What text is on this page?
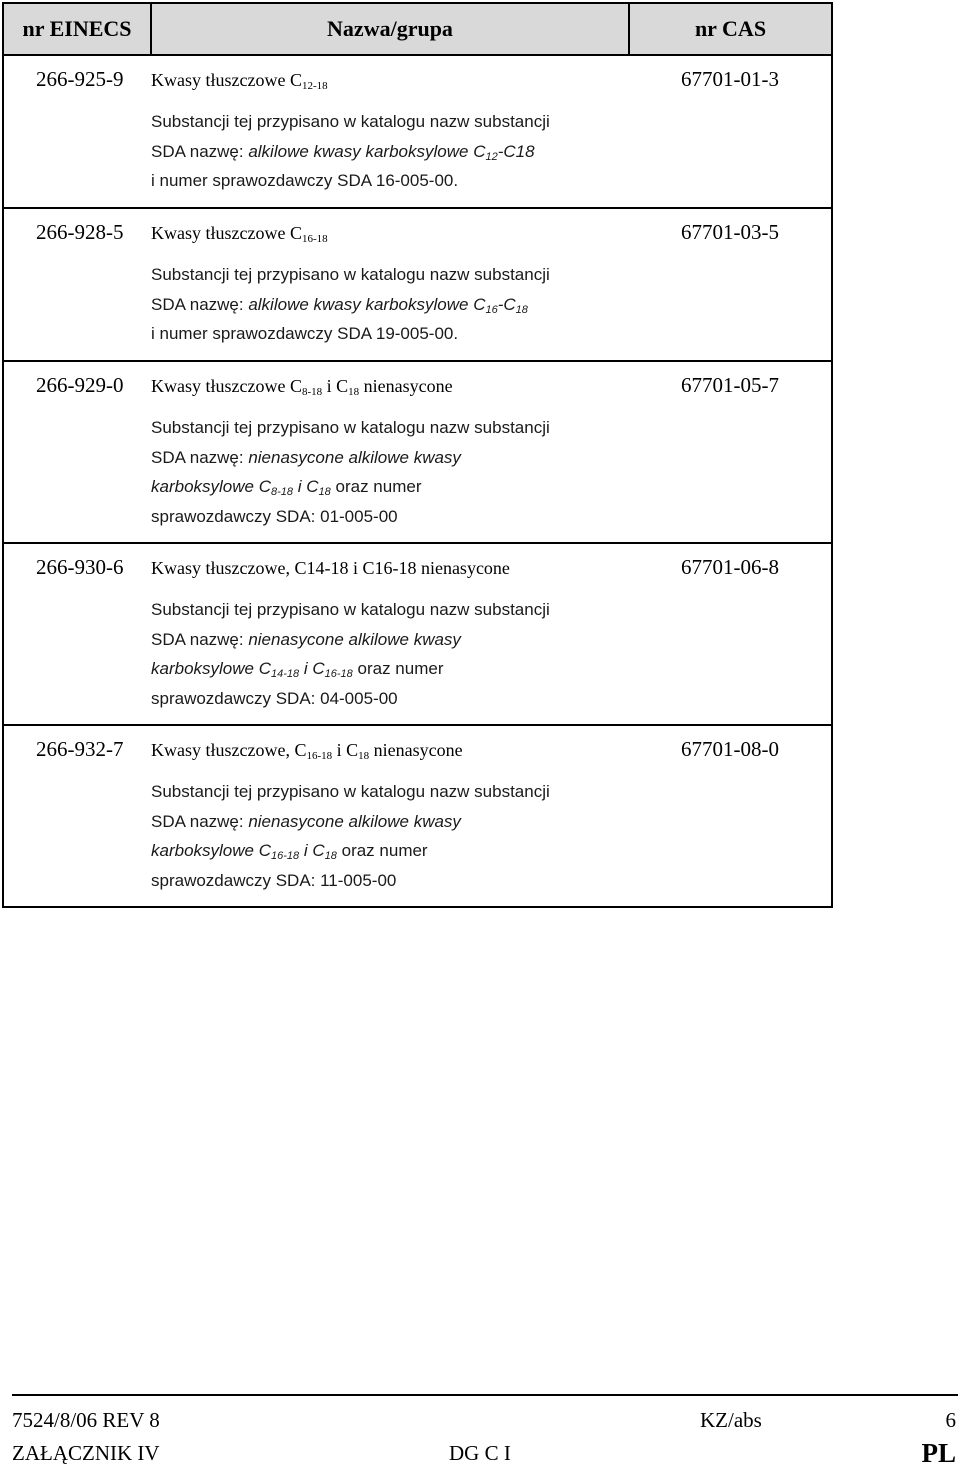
nr EINECS	Nazwa/grupa	nr CAS
266-925-9	Kwasy tłuszczowe $C_{12-18}$
Substancji tej przypisano w katalogu nazw substancji
SDA nazwę: alkilowe kwasy karboksylowe $C_{12}-C18$
i numer sprawozdawczy SDA 16-005-00.	67701-01-3
266-928-5	Kwasy tłuszczowe $C_{16-18}$
Substancji tej przypisano w katalogu nazw substancji
SDA nazwę: alkilowe kwasy karboksylowe $C_{16}-C_{18}$
i numer sprawozdawczy SDA 19-005-00.	67701-03-5
266-929-0	Kwasy tłuszczowe $C_{8-18}$ i $C_{18}$ nienasycone
Substancji tej przypisano w katalogu nazw substancji
SDA nazwę: nienasycone alkilowe kwasy
karboksylowe $C_{8-18}$ i $C_{18}$ oraz numer
sprawozdawczy SDA: 01-005-00	67701-05-7
266-930-6	Kwasy tłuszczowe, C14-18 i C16-18 nienasycone
Substancji tej przypisano w katalogu nazw substancji
SDA nazwę: nienasycone alkilowe kwasy
karboksylowe $C_{14-18}$ i $C_{16-18}$ oraz numer
sprawozdawczy SDA: 04-005-00	67701-06-8
266-932-7	Kwasy tłuszczowe, $C_{16-18}$ i $C_{18}$ nienasycone
Substancji tej przypisano w katalogu nazw substancji
SDA nazwę: nienasycone alkilowe kwasy
karboksylowe $C_{16-18}$ i $C_{18}$ oraz numer
sprawozdawczy SDA: 11-005-00	67701-08-0
7524/8/06 REV 8	KZ/abs	6
ZAŁĄCZNIK IV	DG C I	PL
